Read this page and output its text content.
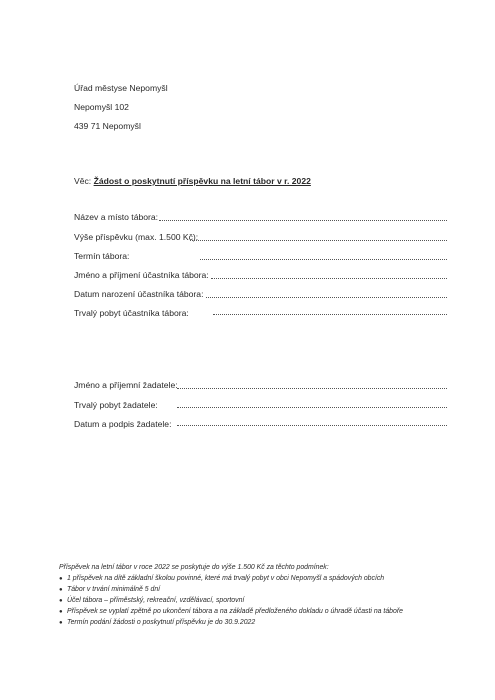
Úřad městyse Nepomyšl
Nepomyšl 102
439 71 Nepomyšl
Věc: Žádost o poskytnutí příspěvku na letní tábor v r. 2022
Název a místo tábora:
Výše příspěvku (max. 1.500 Kč):
Termín tábora:
Jméno a příjmení účastníka tábora:
Datum narození účastníka tábora:
Trvalý pobyt účastníka tábora:
Jméno a příjemní žadatele:
Trvalý pobyt žadatele:
Datum a podpis žadatele:
Příspěvek na letní tábor v roce 2022 se poskytuje do výše 1.500 Kč za těchto podmínek:
● 1 příspěvek na dítě základní školou povinné, které má trvalý pobyt v obci Nepomyšl a spádových obcích
● Tábor v trvání minimálně 5 dní
● Účel tábora – příměstský, rekreační, vzdělávací, sportovní
● Příspěvek se vyplatí zpětně po ukončení tábora a na základě předloženého dokladu o úhradě účasti na táboře
● Termín podání žádosti o poskytnutí příspěvku je do 30.9.2022
